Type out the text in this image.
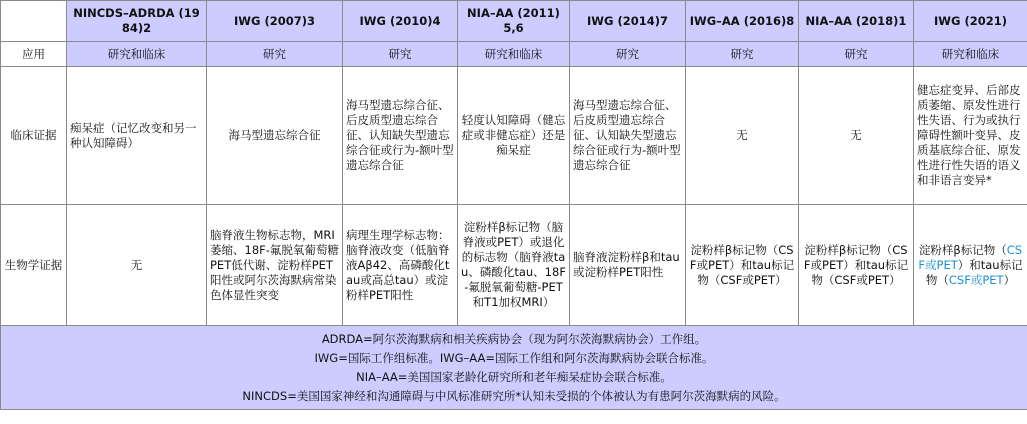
	NINCDS–ADRDA (1984)2	IWG (2007)3	IWG (2010)4	NIA–AA (2011)5,6	IWG (2014)7	IWG–AA (2016)8	NIA–AA (2018)1	IWG (2021)
应用	研究和临床	研究	研究	研究和临床	研究	研究	研究	研究和临床
临床证据	痴呆症（记忆改变和另一种认知障碍）	海马型遗忘综合征	海马型遗忘综合征、后皮质型遗忘综合征、认知缺失型遗忘综合征或行为-额叶型遗忘综合征	轻度认知障碍（健忘症或非健忘症）还是痴呆症	海马型遗忘综合征、后皮质型遗忘综合征、认知缺失型遗忘综合征或行为-额叶型遗忘综合征	无	无	健忘症变异、后部皮质萎缩、原发性进行性失语、行为或执行障碍性额叶变异、皮质基底综合征、原发性进行性失语的语义和非语言变异*
生物学证据	无	脑脊液生物标志物，MRI萎缩、18F-氟脱氧葡萄糖PET低代谢、淀粉样PET阳性或阿尔茨海默病常染色体显性突变	病理生理学标志物：脑脊液改变（低脑脊液Aβ42、高磷酸化tau或高总tau）或淀粉样PET阳性	淀粉样β标记物（脑脊液或PET）或退化的标志物（脑脊液tau、磷酸化tau、18F-氟脱氧葡萄糖-PET和T1加权MRI）	脑脊液淀粉样β和tau或淀粉样PET阳性	淀粉样β标记物（CSF或PET）和tau标记物（CSF或PET）	淀粉样β标记物（CSF或PET）和tau标记物（CSF或PET）	淀粉样β标记物（CSF或PET）和tau标记物（CSF或PET）

ADRDA=阿尔茨海默病和相关疾病协会（现为阿尔茨海默病协会）工作组。
IWG=国际工作组标准。IWG–AA=国际工作组和阿尔茨海默病协会联合标准。
NIA–AA=美国国家老龄化研究所和老年痴呆症协会联合标准。
NINCDS=美国国家神经和沟通障碍与中风标准研究所*认知未受损的个体被认为有患阿尔茨海默病的风险。								
